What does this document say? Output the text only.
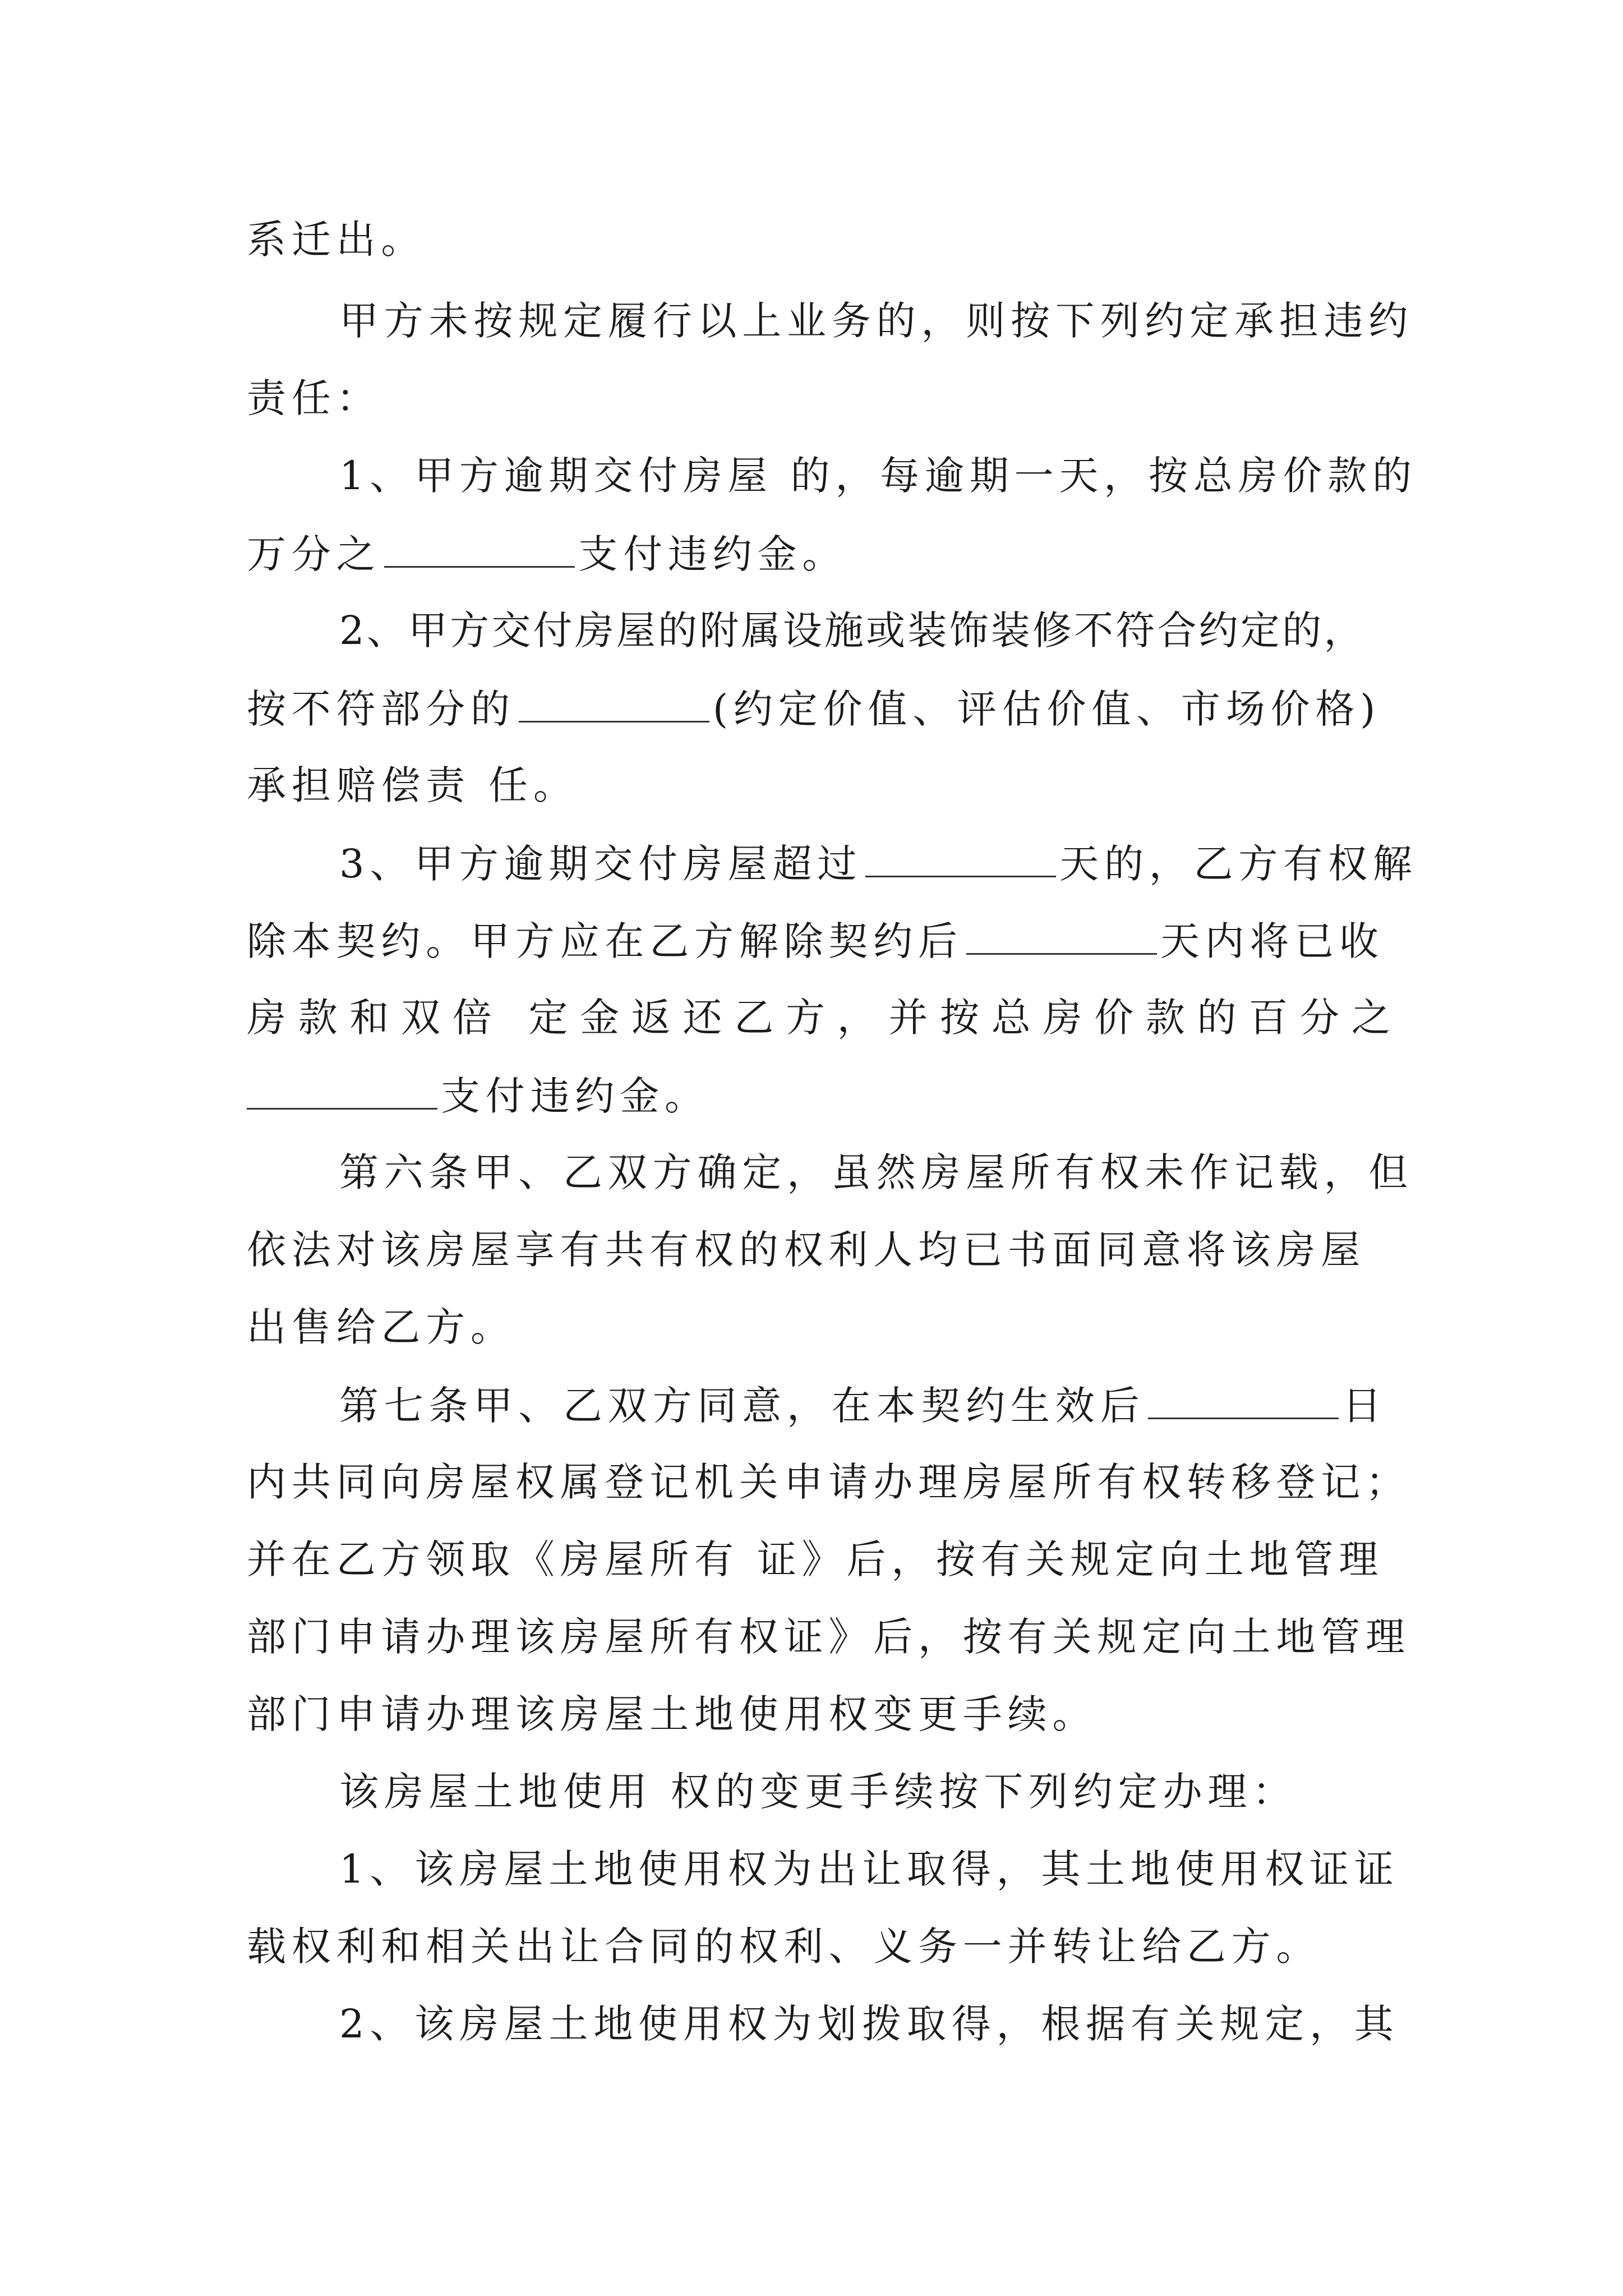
系迁出。
甲方未按规定履行以上业务的，则按下列约定承担违约
责任：
1、甲方逾期交付房屋 的，每逾期一天，按总房价款的
万分之	支付违约金。
2、甲方交付房屋的附属设施或装饰装修不符合约定的，
按不符部分的	(约定价值、评估价值、市场价格)
承担赔偿责 任。
3、甲方逾期交付房屋超过	天的，乙方有权解
除本契约。甲方应在乙方解除契约后	天内将已收
房款和双倍 定金返还乙方，并按总房价款的百分之
支付违约金。
第六条甲、乙双方确定，虽然房屋所有权未作记载，但
依法对该房屋享有共有权的权利人均已书面同意将该房屋
出售给乙方。
第七条甲、乙双方同意，在本契约生效后	日
内共同向房屋权属登记机关申请办理房屋所有权转移登记；
并在乙方领取《房屋所有 证》后，按有关规定向土地管理
部门申请办理该房屋所有权证》后，按有关规定向土地管理
部门申请办理该房屋土地使用权变更手续。
该房屋土地使用 权的变更手续按下列约定办理：
1、该房屋土地使用权为出让取得，其土地使用权证证
载权利和相关出让合同的权利、义务一并转让给乙方。
2、该房屋土地使用权为划拨取得，根据有关规定，其
